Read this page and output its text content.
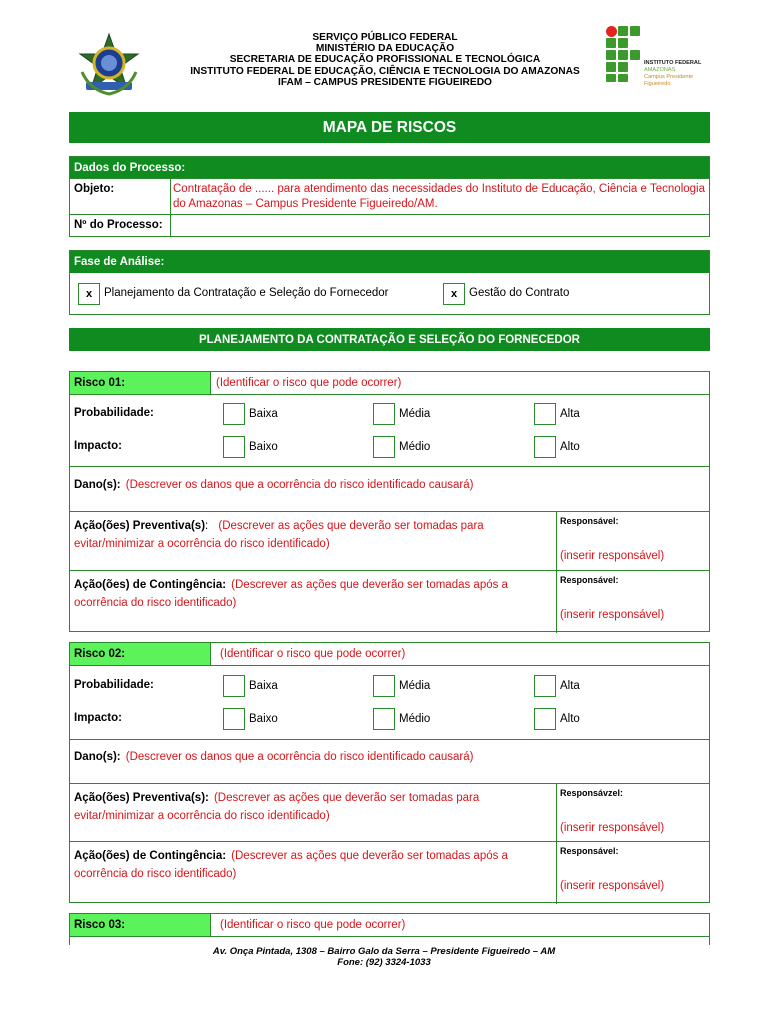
SERVIÇO PÚBLICO FEDERAL
MINISTÉRIO DA EDUCAÇÃO
SECRETARIA DE EDUCAÇÃO PROFISSIONAL E TECNOLÓGICA
INSTITUTO FEDERAL DE EDUCAÇÃO, CIÊNCIA E TECNOLOGIA DO AMAZONAS
IFAM – CAMPUS PRESIDENTE FIGUEIREDO
INSTITUTO FEDERAL
AMAZONAS
Campus Presidente Figueiredo
MAPA DE RISCOS
Dados do Processo:
Objeto:	Contratação de ...... para atendimento das necessidades do Instituto de Educação, Ciência e Tecnologia do Amazonas – Campus Presidente Figueiredo/AM.
Nº do Processo:
Fase de Análise:
x	Planejamento da Contratação e Seleção do Fornecedor	x	Gestão do Contrato
PLANEJAMENTO DA CONTRATAÇÃO E SELEÇÃO DO FORNECEDOR
Risco 01:	(Identificar o risco que pode ocorrer)
Probabilidade:	Baixa	Média	Alta
Impacto:	Baixo	Médio	Alto
Dano(s): (Descrever os danos que a ocorrência do risco identificado causará)
Ação(ões) Preventiva(s): (Descrever as ações que deverão ser tomadas para
evitar/minimizar a ocorrência do risco identificado)
Responsável:
(inserir responsável)
Ação(ões) de Contingência: (Descrever as ações que deverão ser tomadas após a
ocorrência do risco identificado)
Responsável:
(inserir responsável)
Risco 02:	(Identificar o risco que pode ocorrer)
Probabilidade:	Baixa	Média	Alta
Impacto:	Baixo	Médio	Alto
Dano(s): (Descrever os danos que a ocorrência do risco identificado causará)
Ação(ões) Preventiva(s): (Descrever as ações que deverão ser tomadas para
evitar/minimizar a ocorrência do risco identificado)
Responsávzel:
(inserir responsável)
Ação(ões) de Contingência: (Descrever as ações que deverão ser tomadas após a
ocorrência do risco identificado)
Responsável:
(inserir responsável)
Risco 03:	(Identificar o risco que pode ocorrer)
Av. Onça Pintada, 1308 – Bairro Galo da Serra – Presidente Figueiredo – AM
Fone: (92) 3324-1033
